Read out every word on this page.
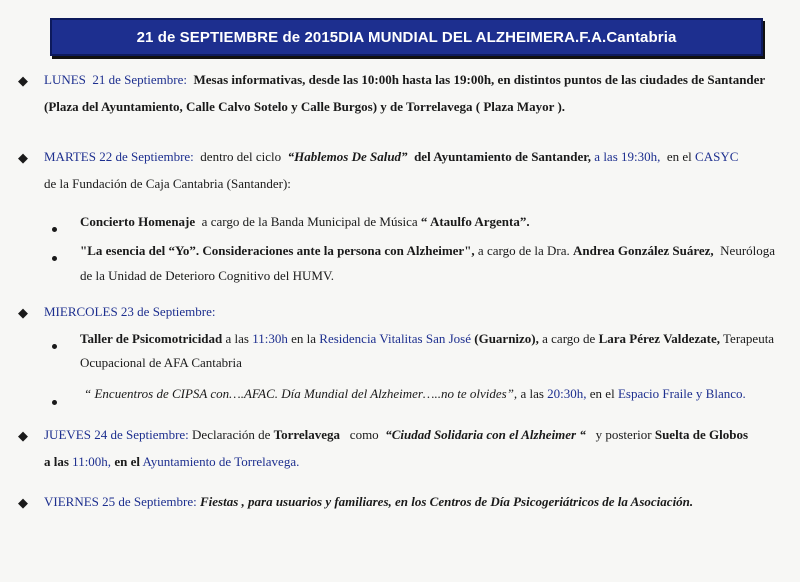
21 de SEPTIEMBRE de 2015 DIA MUNDIAL DEL ALZHEIMER A.F.A.Cantabria
◆ LUNES 21 de Septiembre: Mesas informativas, desde las 10:00h hasta las 19:00h, en distintos puntos de las ciudades de Santander
(Plaza del Ayuntamiento, Calle Calvo Sotelo y Calle Burgos) y de Torrelavega ( Plaza Mayor ).
◆ MARTES 22 de Septiembre: dentro del ciclo “Hablemos De Salud” del Ayuntamiento de Santander, a las 19:30h, en el CASYC
de la Fundación de Caja Cantabria (Santander):
Concierto Homenaje a cargo de la Banda Municipal de Música “ Ataulfo Argenta”.
"La esencia del “Yo”. Consideraciones ante la persona con Alzheimer", a cargo de la Dra. Andrea González Suárez, Neuróloga
de la Unidad de Deterioro Cognitivo del HUMV.
◆ MIERCOLES 23 de Septiembre:
Taller de Psicomotricidad a las 11:30h en la Residencia Vitalitas San José (Guarnizo), a cargo de Lara Pérez Valdezate, Terapeuta
Ocupacional de AFA Cantabria
“ Encuentros de CIPSA con….AFAC. Día Mundial del Alzheimer…..no te olvides”, a las 20:30h, en el Espacio Fraile y Blanco.
◆ JUEVES 24 de Septiembre: Declaración de Torrelavega como “Ciudad Solidaria con el Alzheimer “ y posterior Suelta de Globos
a las 11:00h, en el Ayuntamiento de Torrelavega.
◆ VIERNES 25 de Septiembre: Fiestas , para usuarios y familiares, en los Centros de Día Psicogeriátricos de la Asociación.
